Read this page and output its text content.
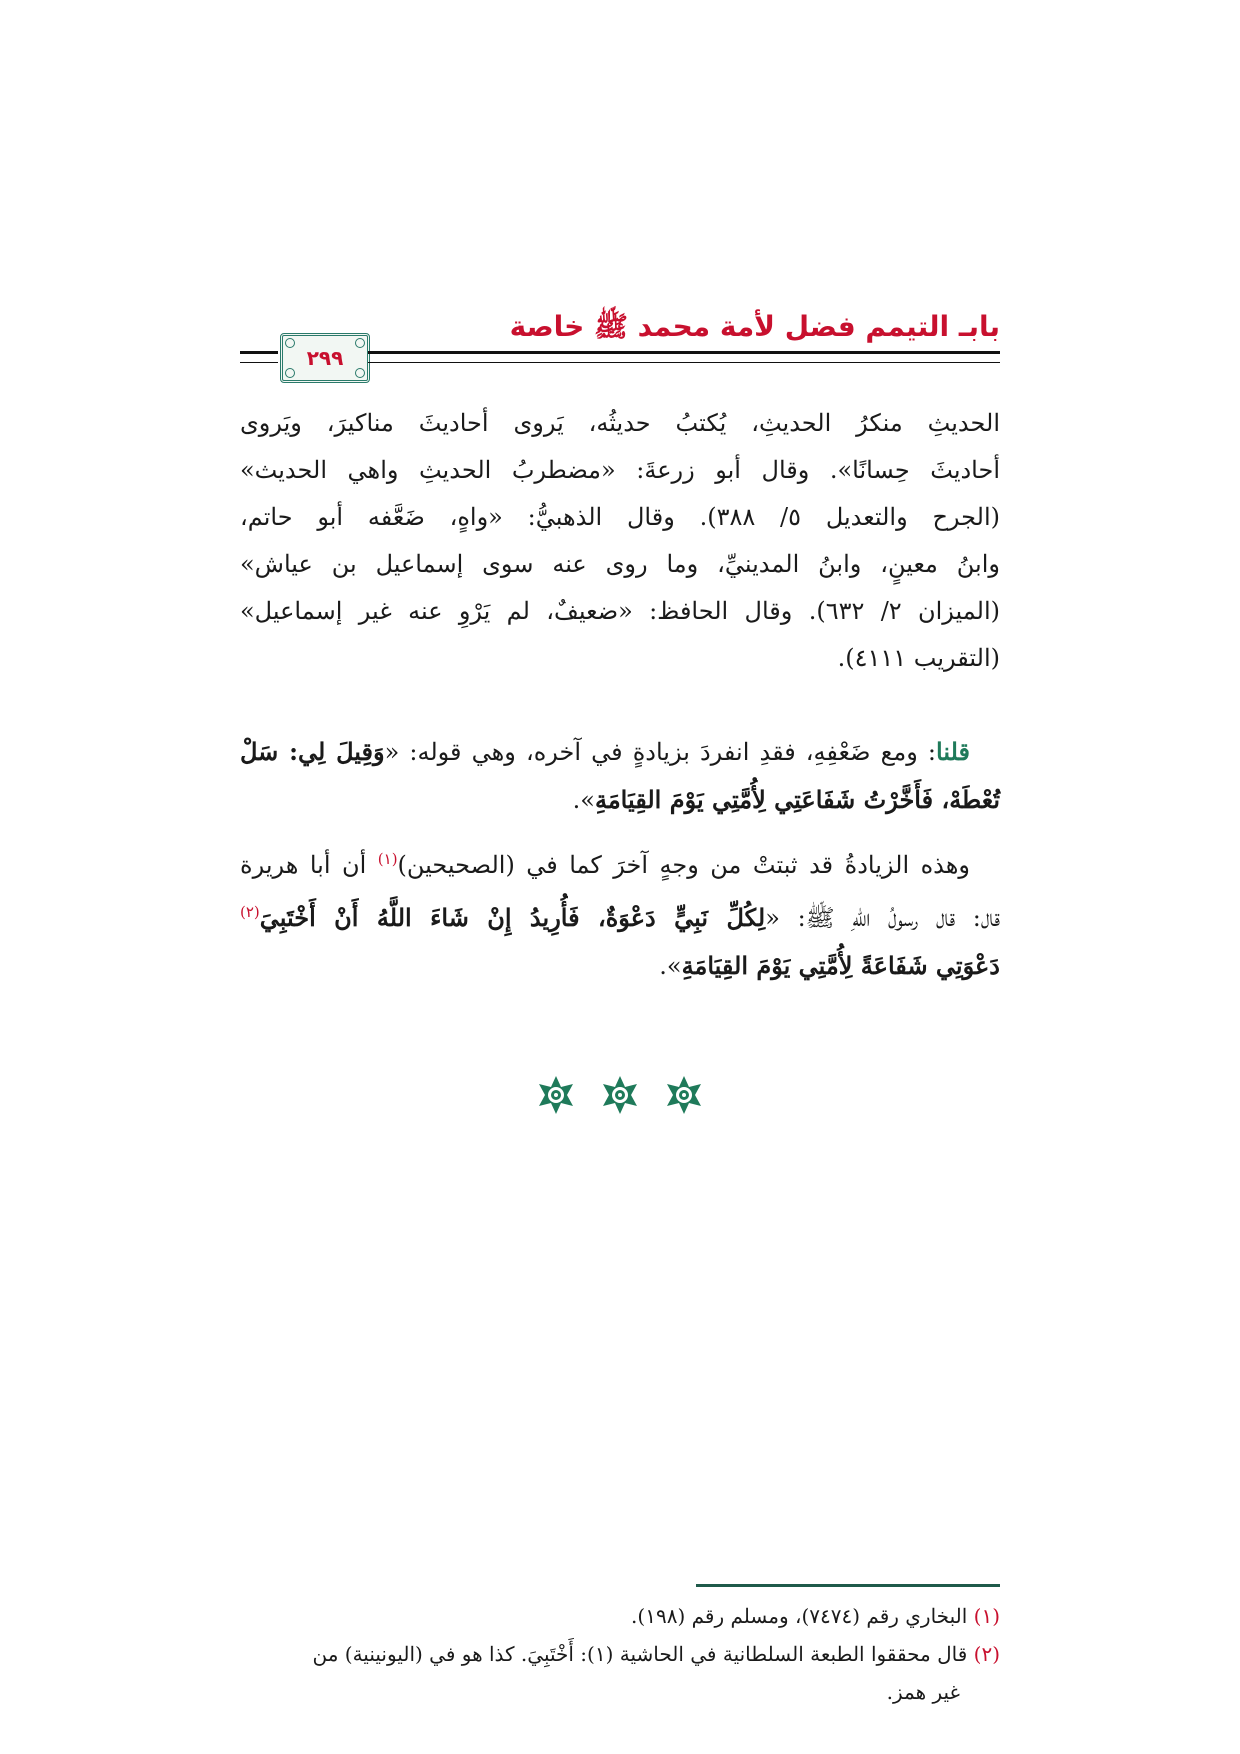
بابـ التيمم فضل لأمة محمد ﷺ خاصة
٢٩٩
الحديثِ منكرُ الحديثِ، يُكتبُ حديثُه، يَروى أحاديثَ مناكيرَ، ويَروى
أحاديثَ حِسانًا». وقال أبو زرعةَ: «مضطربُ الحديثِ واهي الحديث»
(الجرح والتعديل ٥/ ٣٨٨). وقال الذهبيُّ: «واهٍ، ضَعَّفه أبو حاتم،
وابنُ معينٍ، وابنُ المدينيِّ، وما روى عنه سوى إسماعيل بن عياش»
(الميزان ٢/ ٦٣٢). وقال الحافظ: «ضعيفٌ، لم يَرْوِ عنه غير إسماعيل»
(التقريب ٤١١١).
قلنا: ومع ضَعْفِهِ، فقدِ انفردَ بزيادةٍ في آخره، وهي قوله: «وَقِيلَ لِي: سَلْ
تُعْطَهْ، فَأَخَّرْتُ شَفَاعَتِي لِأُمَّتِي يَوْمَ القِيَامَةِ».
وهذه الزيادةُ قد ثبتتْ من وجهٍ آخرَ كما في (الصحيحين)$^{(١)}$ أن أبا هريرة
قال: قال رسولُ اللهِ ﷺ: «لِكُلِّ نَبِيٍّ دَعْوَةٌ، فَأُرِيدُ إِنْ شَاءَ اللَّهُ أَنْ أَخْتَبِيَ$^{(٢)}$
دَعْوَتِي شَفَاعَةً لِأُمَّتِي يَوْمَ القِيَامَةِ».
(١) البخاري رقم (٧٤٧٤)، ومسلم رقم (١٩٨).
(٢) قال محققوا الطبعة السلطانية في الحاشية (١): أَخْتَبِيَ. كذا هو في (اليونينية) من
غير همز.
